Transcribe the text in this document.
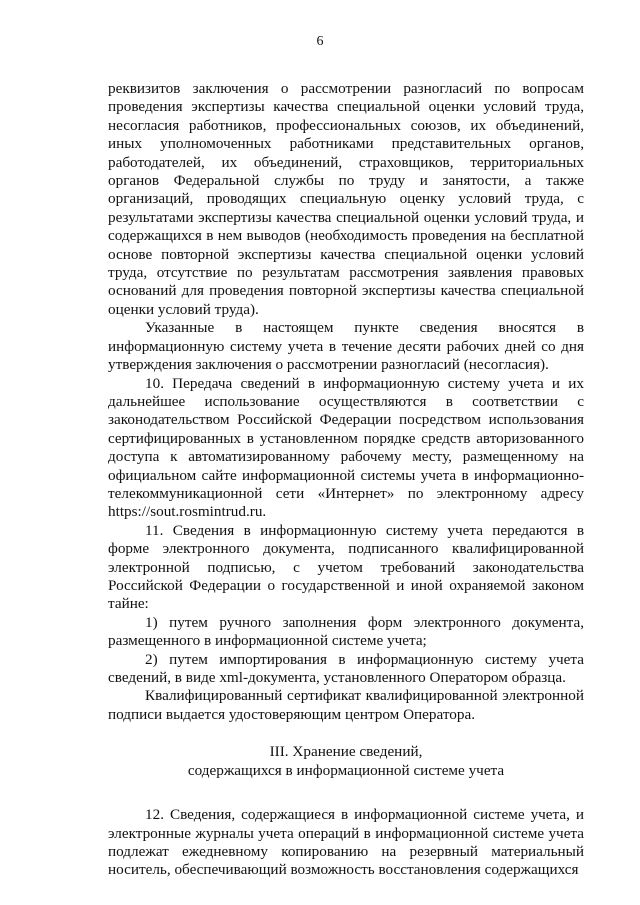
6

реквизитов заключения о рассмотрении разногласий по вопросам проведения экспертизы качества специальной оценки условий труда, несогласия работников, профессиональных союзов, их объединений, иных уполномоченных работниками представительных органов, работодателей, их объединений, страховщиков, территориальных органов Федеральной службы по труду и занятости, а также организаций, проводящих специальную оценку условий труда, с результатами экспертизы качества специальной оценки условий труда, и содержащихся в нем выводов (необходимость проведения на бесплатной основе повторной экспертизы качества специальной оценки условий труда, отсутствие по результатам рассмотрения заявления правовых оснований для проведения повторной экспертизы качества специальной оценки условий труда).

Указанные в настоящем пункте сведения вносятся в информационную систему учета в течение десяти рабочих дней со дня утверждения заключения о рассмотрении разногласий (несогласия).

10. Передача сведений в информационную систему учета и их дальнейшее использование осуществляются в соответствии с законодательством Российской Федерации посредством использования сертифицированных в установленном порядке средств авторизованного доступа к автоматизированному рабочему месту, размещенному на официальном сайте информационной системы учета в информационно-телекоммуникационной сети «Интернет» по электронному адресу https://sout.rosmintrud.ru.

11. Сведения в информационную систему учета передаются в форме электронного документа, подписанного квалифицированной электронной подписью, с учетом требований законодательства Российской Федерации о государственной и иной охраняемой законом тайне:

1) путем ручного заполнения форм электронного документа, размещенного в информационной системе учета;

2) путем импортирования в информационную систему учета сведений, в виде xml-документа, установленного Оператором образца.

Квалифицированный сертификат квалифицированной электронной подписи выдается удостоверяющим центром Оператора.

III. Хранение сведений,
содержащихся в информационной системе учета

12. Сведения, содержащиеся в информационной системе учета, и электронные журналы учета операций в информационной системе учета подлежат ежедневному копированию на резервный материальный носитель, обеспечивающий возможность восстановления содержащихся
